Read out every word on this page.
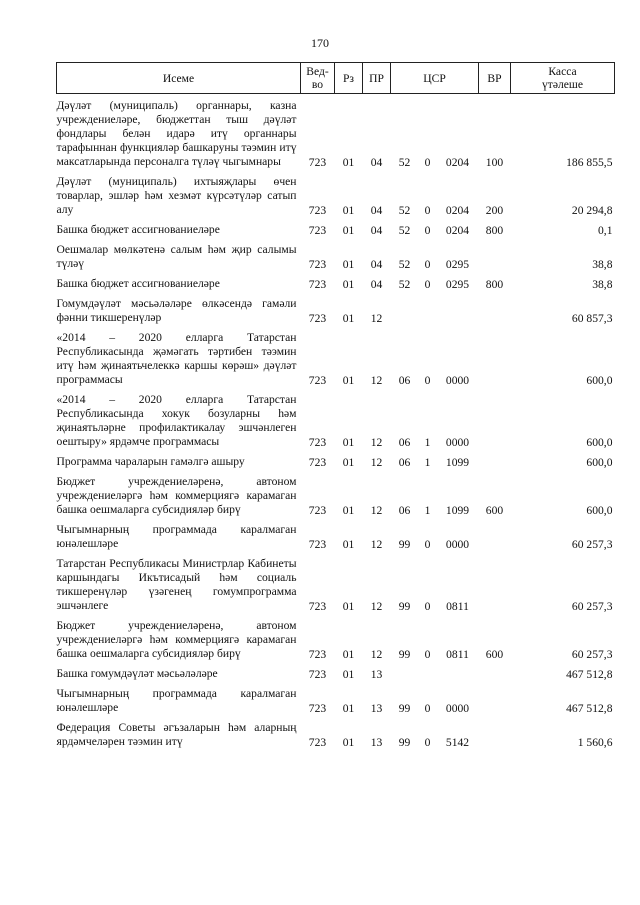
170
Исеме	Вед-
во	Рз	ПР	ЦСР			ВР	Касса
үтәлеше

Дәүләт (муниципаль) органнары, казна учреждениеләре, бюджеттан тыш дәүләт фондлары белән идарә итү органнары тарафыннан функцияләр башкаруны тәэмин итү максатларында персоналга түләү чыгымнары	723	01	04	52	0	0204	100	186 855,5
Дәүләт (муниципаль) ихтыяҗлары өчен товарлар, эшләр һәм хезмәт күрсәтүләр сатып алу	723	01	04	52	0	0204	200	20 294,8
Башка бюджет ассигнованиеләре	723	01	04	52	0	0204	800	0,1
Оешмалар мөлкәтенә салым һәм җир салымы түләү	723	01	04	52	0	0295		38,8
Башка бюджет ассигнованиеләре	723	01	04	52	0	0295	800	38,8
Гомумдәүләт мәсьәләләре өлкәсендә гамәли фәнни тикшеренүләр	723	01	12					60 857,3
«2014 – 2020 елларга Татарстан Республикасында җәмәгать тәртибен тәэмин итү һәм җинаятьчелеккә каршы көрәш» дәүләт программасы	723	01	12	06	0	0000		600,0
«2014 – 2020 елларга Татарстан Республикасында хокук бозуларны һәм җинаятьләрне профилактикалау эшчәнлеген оештыру» ярдәмче программасы	723	01	12	06	1	0000		600,0
Программа чараларын гамәлгә ашыру	723	01	12	06	1	1099		600,0
Бюджет учреждениеләренә, автоном учреждениеләргә һәм коммерциягә карамаган башка оешмаларга субсидияләр бирү	723	01	12	06	1	1099	600	600,0
Чыгымнарның программада каралмаган юнәлешләре	723	01	12	99	0	0000		60 257,3
Татарстан Республикасы Министрлар Кабинеты каршындагы Икътисадый һәм социаль тикшеренүләр үзәгенең гомумпрограмма эшчәнлеге	723	01	12	99	0	0811		60 257,3
Бюджет учреждениеләренә, автоном учреждениеләргә һәм коммерциягә карамаган башка оешмаларга субсидияләр бирү	723	01	12	99	0	0811	600	60 257,3
Башка гомумдәүләт мәсьәләләре	723	01	13					467 512,8
Чыгымнарның программада каралмаган юнәлешләре	723	01	13	99	0	0000		467 512,8
Федерация Советы әгъзаларын һәм аларның ярдәмчеләрен тәэмин итү	723	01	13	99	0	5142		1 560,6
